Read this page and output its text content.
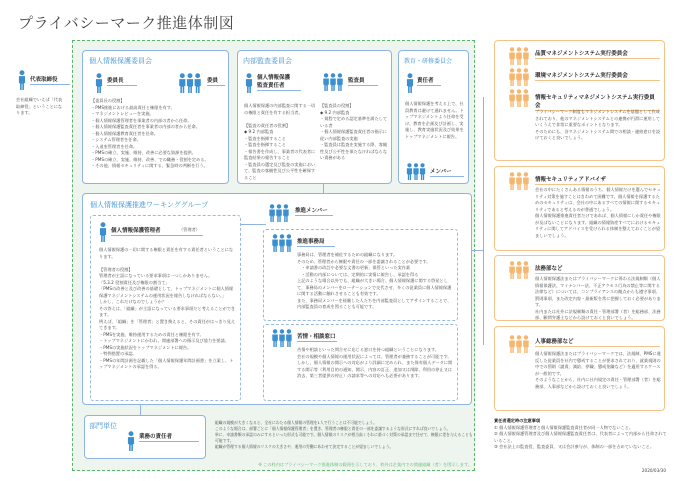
プライバシーマーク推進体制図
代表取締役
会社組織でいえば「代表取締役」ということになります。
個人情報保護委員会
委員長	委員
【委員長の役割】
・PMS推進における最高責任と権限を有す。
・マネジメントレビューを実施。
・個人情報保護管理者を事業者の内部の者から任命。
・個人情報保護監査責任者を事業者の内部の者から任命。
・個人情報保護教育責任者を任命。
・システム管理者を任命。
・入退室管理者を任命。
・PMSの確立、実施、維持、改善に必要な資源を提供。
・PMSの確立、実施、維持、改善、での職務・役割を定める。
・その他、情報セキュリティに関する、緊急時の判断を行う。
内部監査委員会
個人情報保護
監査責任者
監査員
個人情報保護の内部監査に関する一切の権限と責任を有する担当者。

【監査の責任者の役割】
◆ 9.2 内部監査
・監査を指揮すること
・監査を指揮すること
・報告書を作成し、事業者の代表者に監査結果の報告すること
・監査員の選定及び監査の実施において、監査の客観性及び公平性を確保すること
【監査員の役割】
◆ 9.2 内部監査
・規程で定める認定基準を満たしている者
・個人情報保護監査責任者の指示に従い内部監査の実施
・監査員は監査を実施する際、客観性及び公平性を保たなければならない責務がある
教育・研修委員会
責任者
個人情報保護を考える上で、社員教育は避けて通れません。トップマネジメントより任命を受け、教育を企画及び計画し、実施し、教育実施状況及び結果をトップマネジメントに報告。
メンバー
個人情報保護推進ワーキンググループ
個人情報保護管理者	（管理者）
個人情報保護の一切に関する権限と責任を有する責任者ということになります。

【管理者の役割】
管理者が主語になっている要求事項は一つしかありません。
「5.3.2 役割責任及び権限の割当て」
「PMSの改善と及び改善の基礎として、トップマネジメントに個人情報保護マネジメントシステムの運用状況を報告しなければならない。」
しかし、これだけなのでしょうか？
その答えは、「組織」が主語になっている要求事項だと考えることができます。
例えば、「組織」を「管理者」と置き換えると、その責任がはっきり見えてきます。
・PMSを実施、維持運用するための責任と権限を有す。
・トップマネジメントにかわれ、関連部署への指示及び協力を要請。
・PMSの実施状況をトップマネジメントに報告。
・特例措置の承認。
・PMSの年間計画を記載した「個人情報保護年間計画書」を立案し、トップマネジメントの承認を得る。
推進メンバー
推進事務局
事務局は、管理者を補佐するための組織になります。
そのため、管理者から権限や責任の一部を委譲されることが必要です。
　・申請書の改訂や必要な文書の更新、保管といった実作業
　・活動の内部については、定期的に実情に報告し、承認を得る
上記のような場合以外でも、組織が大きい場合、個人情報保護に関する啓発として、事務局のメンバーをローテーションで交代させ、多くの従業員に個人情報保護に関する活動に触れさせることも有効です。
また、事務局メンバーを経験した人たちを内部監査員としてアサインすることで、内部監査員の育成を図ることも可能です。
苦情・相談窓口
苦情や相談といった問合せに応じる窓口を持つ組織ということになります。
会社の規模や個人情報の運用状況によっては、管理者が兼務することが可能です。
しかし、個人情報の開示への対応がより詳細に定められ、また保有個人データに関する開示等（利用目的の通知、開示、内容の訂正、追加又は削除、利用の停止又は消去、第三者提供の停止）の請求等への対応へも必要があります。
部門単位
業務の責任者
組織の規模が大きくなると、全社にわたる個人情報の管理を1人で行うことは不可能でしょう。
このような場合は、部署ごとに「個人情報保護管理者」を置き、管理者の権限と責任の一部を委譲するような形式にすれば良いでしょう。
単に、申請書類の承認のみにするといった形式も可能です。個人情報のリスクが相当高くそれに基づく対策の承認まで任せて、権限に差を与えることも可能です。
組織が管理する個人情報のリスクの大きさや、運用の労働にあわせて決定することが望ましいでしょう。
※ この枠内はプライバシーマーク推進体制の範囲を示しており、枠外は企業内での関連組織（者）を図示します。
品質マネジメントシステム実行委員会
環境マネジメントシステム実行委員会
情報セキュリティマネジメントシステム実行委員会
プライバシーマーク制度もマネジメントシステムを基盤として作成されており、他のマネジメントシステムとの連携が円滑に運用していくうえで非常に重要なポイントとなります。
そのためにも、各マネジメントシステム間での相談・連絡窓口を設けておくと良いでしょう。
情報セキュリティアドバイザ
会社の中にたくさんある情報のうち、個人情報だけを選んでセキュリティ対策を施すことはきわめて困難です。個人情報を保護するためのセキュリティは、会社の中にあるすべての情報に関するセキュリティであると考えるのが普通でしょう。
個人情報保護推進責任者だけであれば、個人情報にしか責任や権限が及ばないことになります。組織の情報資産すべてにおけるセキュリティに関してアドバイスを受けられる体制を整えておくことが望ましいでしょう。
法務部など
個人情報保護法またはプライバシーマークに係わる法規制類（個人情報保護法、マイナンバー法、不正アクセス行為の禁止等に関する法律など）については、コンプライアンスの観点からも遵守事項、罰則事項、また改定内容・最新版を常に把握しておく必要があります。
社内または社外に法規制類の責任・管理部署（者）を総務部、法務部、顧問弁護士などから設けておくと良いでしょう。
人事総務部など
個人情報保護法またはプライバシーマークでは、法規制、PMSに違反した従業員を社内で懲戒することが要求されており、就業規則の中での罰則（譴責、減給、停職、懲戒免職など）を適用するケースが一般的です。
そのようなことから、社内に社内規定の責任・管理部署（者）を総務部、人事部などから設けておくと良いでしょう。
責任者選定時の注意事項
① 個人情報保護管理者と個人情報保護監査責任者が同一人物でないこと。
② 個人情報保護管理者及び個人情報保護監査責任者は、代表者によって内部から任命されていること。
③ 会社法上の監査役、監査委員、又は会計参与が、体制の一部を占めていないこと。
2020/03/30
